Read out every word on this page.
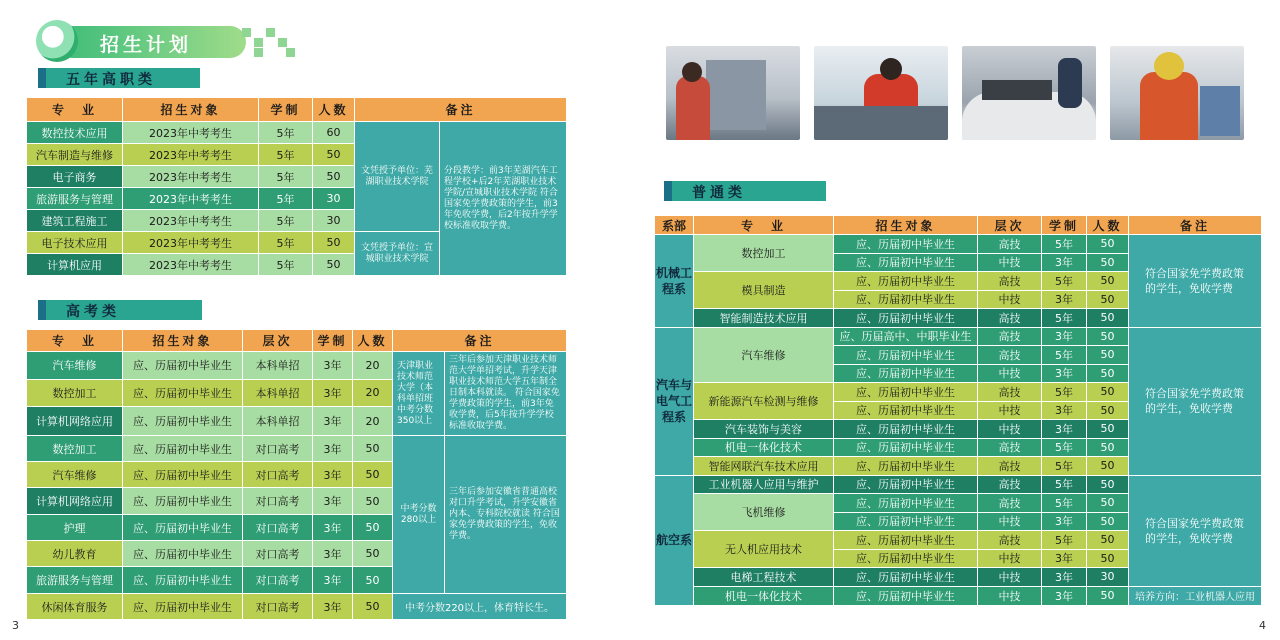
3	4
招生计划
五年高职类
高考类
普通类
专　业	招生对象	学制	人数	备注	
数控技术应用	2023年中考考生	5年	60	文凭授予单位：芜湖职业技术学院	分段教学：前3年芜湖汽车工程学校+后2年芜湖职业技术学院/宣城职业技术学院 符合国家免学费政策的学生，前3年免收学费，后2年按升学学校标准收取学费。
汽车制造与维修	2023年中考考生	5年	50		
电子商务	2023年中考考生	5年	50		
旅游服务与管理	2023年中考考生	5年	30		
建筑工程施工	2023年中考考生	5年	30		
电子技术应用	2023年中考考生	5年	50	文凭授予单位：宣城职业技术学院	
计算机应用	2023年中考考生	5年	50		
专　业	招生对象	层次	学制	人数	备注	
汽车维修	应、历届初中毕业生	本科单招	3年	20	天津职业技术师范大学（本科单招班 中考分数350以上	三年后参加天津职业技术师范大学单招考试，升学天津职业技术师范大学五年制全日制本科就读。 符合国家免学费政策的学生，前3年免收学费，后5年按升学学校标准收取学费。
数控加工	应、历届初中毕业生	本科单招	3年	20		
计算机网络应用	应、历届初中毕业生	本科单招	3年	20		
数控加工	应、历届初中毕业生	对口高考	3年	50	中考分数280以上	三年后参加安徽省普通高校对口升学考试，升学安徽省内本、专科院校就读 符合国家免学费政策的学生，免收学费。
汽车维修	应、历届初中毕业生	对口高考	3年	50		
计算机网络应用	应、历届初中毕业生	对口高考	3年	50		
护理	应、历届初中毕业生	对口高考	3年	50		
幼儿教育	应、历届初中毕业生	对口高考	3年	50		
旅游服务与管理	应、历届初中毕业生	对口高考	3年	50		
休闲体育服务	应、历届初中毕业生	对口高考	3年	50	中考分数220以上，体育特长生。	
系部	专　业	招生对象	层次	学制	人数	备注
机械工程系	数控加工	应、历届初中毕业生	高技	5年	50	符合国家免学费政策的学生，免收学费
		应、历届初中毕业生	中技	3年	50	
	模具制造	应、历届初中毕业生	高技	5年	50	
		应、历届初中毕业生	中技	3年	50	
	智能制造技术应用	应、历届初中毕业生	高技	5年	50	
汽车与电气工程系	汽车维修	应、历届高中、中职毕业生	高技	3年	50	符合国家免学费政策的学生，免收学费
		应、历届初中毕业生	高技	5年	50	
		应、历届初中毕业生	中技	3年	50	
	新能源汽车检测与维修	应、历届初中毕业生	高技	5年	50	
		应、历届初中毕业生	中技	3年	50	
	汽车装饰与美容	应、历届初中毕业生	中技	3年	50	
	机电一体化技术	应、历届初中毕业生	高技	5年	50	
	智能网联汽车技术应用	应、历届初中毕业生	高技	5年	50	
航空系	工业机器人应用与维护	应、历届初中毕业生	高技	5年	50	符合国家免学费政策的学生，免收学费
	飞机维修	应、历届初中毕业生	高技	5年	50	
		应、历届初中毕业生	中技	3年	50	
	无人机应用技术	应、历届初中毕业生	高技	5年	50	
		应、历届初中毕业生	中技	3年	50	
	电梯工程技术	应、历届初中毕业生	中技	3年	30	
	机电一体化技术	应、历届初中毕业生	中技	3年	50	培养方向：工业机器人应用
